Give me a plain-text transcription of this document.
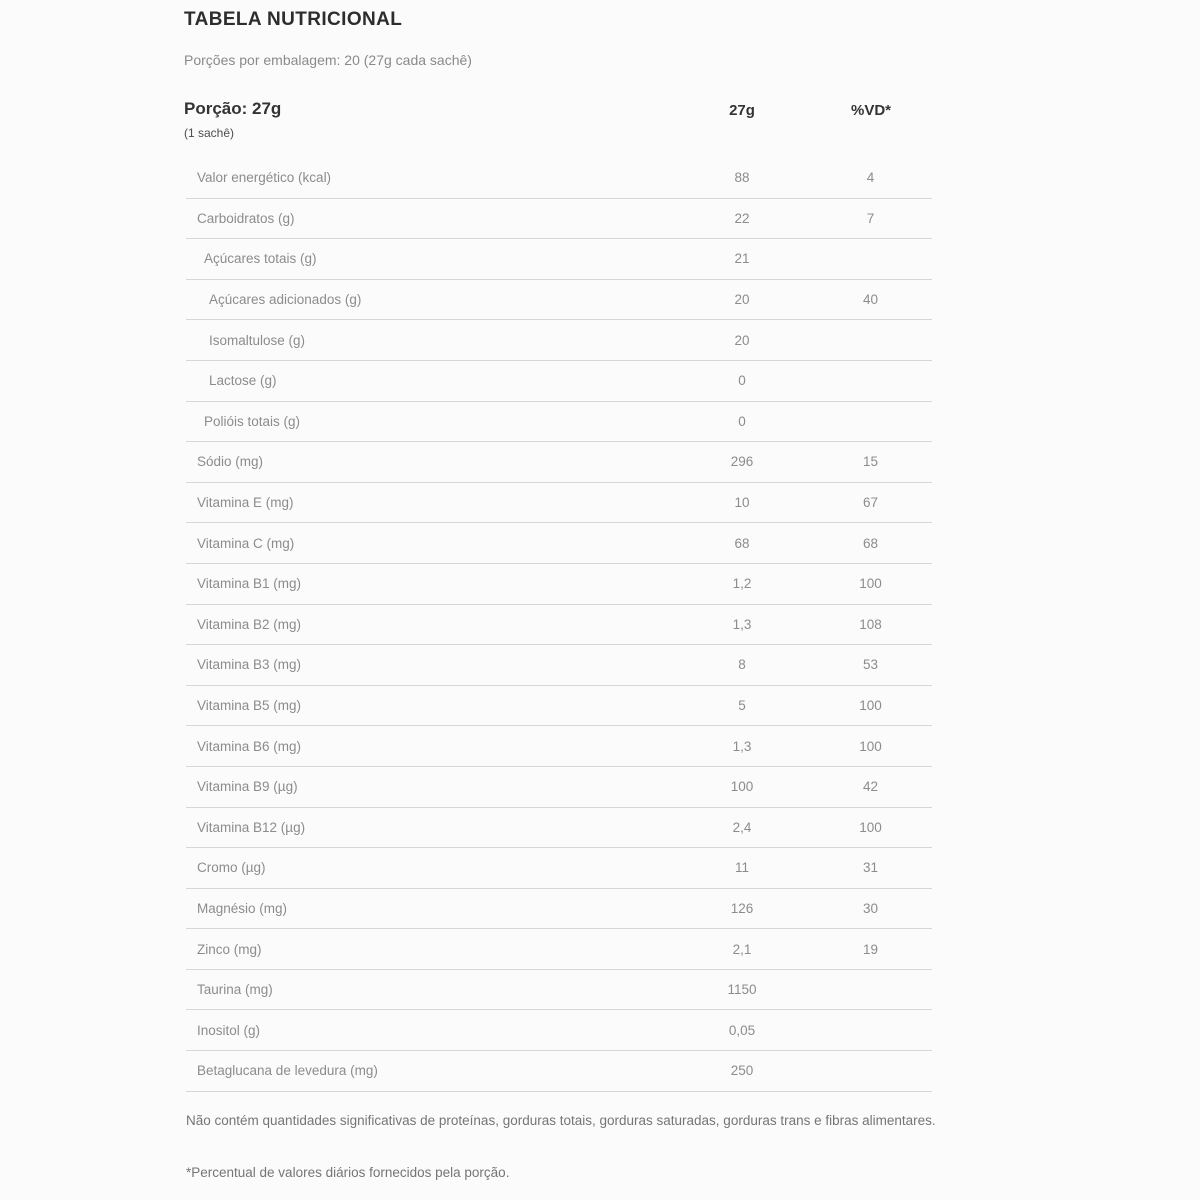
TABELA NUTRICIONAL
Porções por embalagem: 20 (27g cada sachê)
Porção: 27g
(1 sachê)
27g	%VD*
Valor energético (kcal)	88	4
Carboidratos (g)	22	7
Açúcares totais (g)	21
Açúcares adicionados (g)	20	40
Isomaltulose (g)	20
Lactose (g)	0
Polióis totais (g)	0
Sódio (mg)	296	15
Vitamina E (mg)	10	67
Vitamina C (mg)	68	68
Vitamina B1 (mg)	1,2	100
Vitamina B2 (mg)	1,3	108
Vitamina B3 (mg)	8	53
Vitamina B5 (mg)	5	100
Vitamina B6 (mg)	1,3	100
Vitamina B9 (µg)	100	42
Vitamina B12 (µg)	2,4	100
Cromo (µg)	11	31
Magnésio (mg)	126	30
Zinco (mg)	2,1	19
Taurina (mg)	1150
Inositol (g)	0,05
Betaglucana de levedura (mg)	250
Não contém quantidades significativas de proteínas, gorduras totais, gorduras saturadas, gorduras trans e fibras alimentares.
*Percentual de valores diários fornecidos pela porção.
